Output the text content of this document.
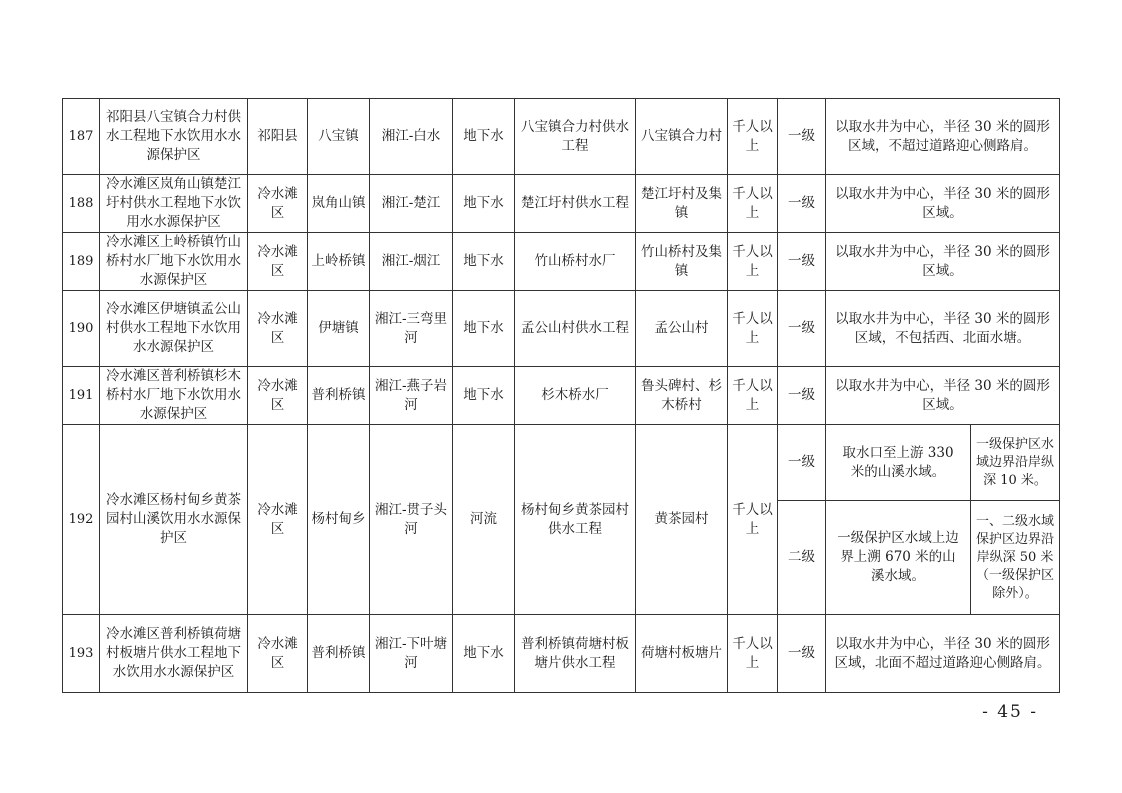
187	祁阳县八宝镇合力村供水工程地下水饮用水水源保护区	祁阳县	八宝镇	湘江-白水	地下水	八宝镇合力村供水工程	八宝镇合力村	千人以上	一级	以取水井为中心，半径 30 米的圆形区域，不超过道路迎心侧路肩。	
188	冷水滩区岚角山镇楚江圩村供水工程地下水饮用水水源保护区	冷水滩区	岚角山镇	湘江-楚江	地下水	楚江圩村供水工程	楚江圩村及集镇	千人以上	一级	以取水井为中心，半径 30 米的圆形区域。	
189	冷水滩区上岭桥镇竹山桥村水厂地下水饮用水水源保护区	冷水滩区	上岭桥镇	湘江-烟江	地下水	竹山桥村水厂	竹山桥村及集镇	千人以上	一级	以取水井为中心，半径 30 米的圆形区域。	
190	冷水滩区伊塘镇孟公山村供水工程地下水饮用水水源保护区	冷水滩区	伊塘镇	湘江-三弯里河	地下水	孟公山村供水工程	孟公山村	千人以上	一级	以取水井为中心，半径 30 米的圆形区域，不包括西、北面水塘。	
191	冷水滩区普利桥镇杉木桥村水厂地下水饮用水水源保护区	冷水滩区	普利桥镇	湘江-燕子岩河	地下水	杉木桥水厂	鲁头碑村、杉木桥村	千人以上	一级	以取水井为中心，半径 30 米的圆形区域。	
192	冷水滩区杨村甸乡黄茶园村山溪饮用水水源保护区	冷水滩区	杨村甸乡	湘江-贯子头河	河流	杨村甸乡黄茶园村供水工程	黄茶园村	千人以上	一级	取水口至上游 330 米的山溪水域。	一级保护区水域边界沿岸纵深 10 米。
									二级	一级保护区水域上边界上溯 670 米的山溪水域。	一、二级水域保护区边界沿岸纵深 50 米（一级保护区除外）。
193	冷水滩区普利桥镇荷塘村板塘片供水工程地下水饮用水水源保护区	冷水滩区	普利桥镇	湘江-下叶塘河	地下水	普利桥镇荷塘村板塘片供水工程	荷塘村板塘片	千人以上	一级	以取水井为中心，半径 30 米的圆形区域，北面不超过道路迎心侧路肩。	
- 45 -
